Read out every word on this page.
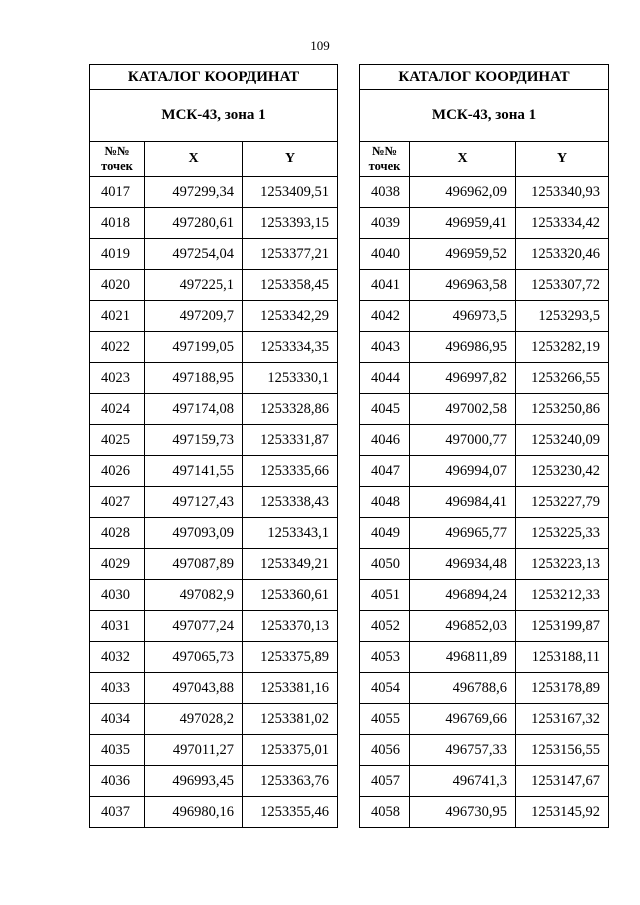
109
КАТАЛОГ КООРДИНАТ		
МСК-43, зона 1		
№№ точек	X	Y
4017	497299,34	1253409,51
4018	497280,61	1253393,15
4019	497254,04	1253377,21
4020	497225,1	1253358,45
4021	497209,7	1253342,29
4022	497199,05	1253334,35
4023	497188,95	1253330,1
4024	497174,08	1253328,86
4025	497159,73	1253331,87
4026	497141,55	1253335,66
4027	497127,43	1253338,43
4028	497093,09	1253343,1
4029	497087,89	1253349,21
4030	497082,9	1253360,61
4031	497077,24	1253370,13
4032	497065,73	1253375,89
4033	497043,88	1253381,16
4034	497028,2	1253381,02
4035	497011,27	1253375,01
4036	496993,45	1253363,76
4037	496980,16	1253355,46
КАТАЛОГ КООРДИНАТ		
МСК-43, зона 1		
№№ точек	X	Y
4038	496962,09	1253340,93
4039	496959,41	1253334,42
4040	496959,52	1253320,46
4041	496963,58	1253307,72
4042	496973,5	1253293,5
4043	496986,95	1253282,19
4044	496997,82	1253266,55
4045	497002,58	1253250,86
4046	497000,77	1253240,09
4047	496994,07	1253230,42
4048	496984,41	1253227,79
4049	496965,77	1253225,33
4050	496934,48	1253223,13
4051	496894,24	1253212,33
4052	496852,03	1253199,87
4053	496811,89	1253188,11
4054	496788,6	1253178,89
4055	496769,66	1253167,32
4056	496757,33	1253156,55
4057	496741,3	1253147,67
4058	496730,95	1253145,92
